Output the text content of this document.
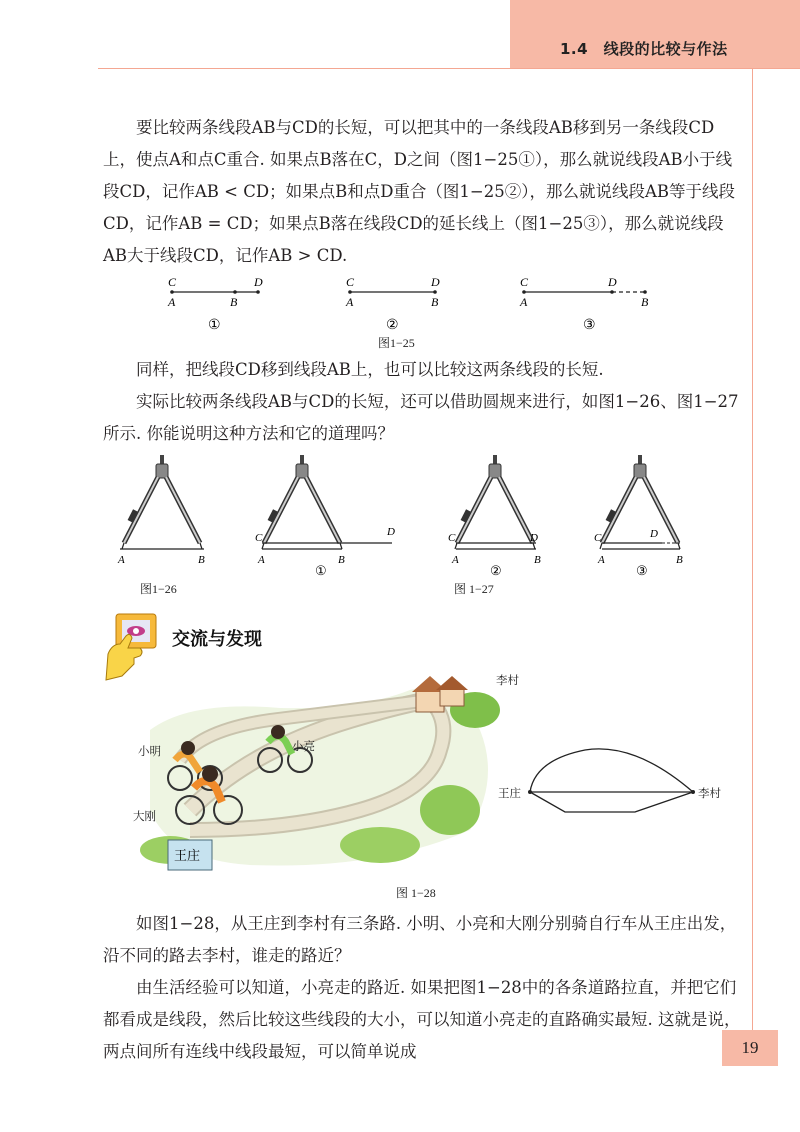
1.4　线段的比较与作法

要比较两条线段AB与CD的长短，可以把其中的一条线段AB移到另一条线段CD上，使点A和点C重合. 如果点B落在C，D之间（图1−25①），那么就说线段AB小于线段CD，记作AB < CD；如果点B和点D重合（图1−25②），那么就说线段AB等于线段CD，记作AB = CD；如果点B落在线段CD的延长线上（图1−25③），那么就说线段AB大于线段CD，记作AB > CD.

C	D
A	B
①
C	D
A	B
②
C	D
A	B
③
图1−25

同样，把线段CD移到线段AB上，也可以比较这两条线段的长短.

实际比较两条线段AB与CD的长短，还可以借助圆规来进行，如图1−26、图1−27所示. 你能说明这种方法和它的道理吗？

A	B
C	D
A	B
①
C	D
A	B
②
C	D
A	B
③
图1−26	图 1−27
交流与发现
王庄
李村
小明	小亮
大刚
王庄	李村
图 1−28

如图1−28，从王庄到李村有三条路. 小明、小亮和大刚分别骑自行车从王庄出发，沿不同的路去李村，谁走的路近？

由生活经验可以知道，小亮走的路近. 如果把图1−28中的各条道路拉直，并把它们都看成是线段，然后比较这些线段的大小，可以知道小亮走的直路确实最短. 这就是说，两点间所有连线中线段最短，可以简单说成	19
